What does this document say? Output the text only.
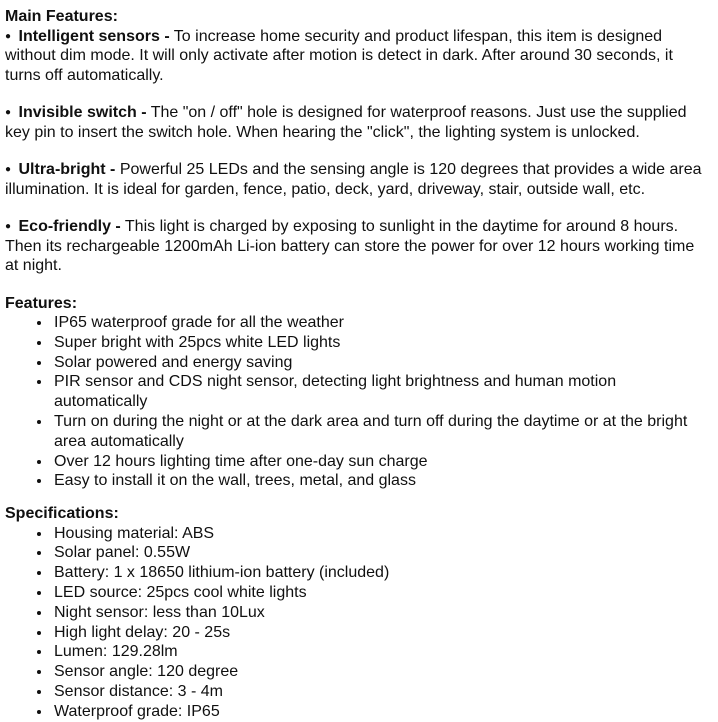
Main Features:

● Intelligent sensors - To increase home security and product lifespan, this item is designed without dim mode. It will only activate after motion is detect in dark. After around 30 seconds, it turns off automatically.

● Invisible switch - The "on / off" hole is designed for waterproof reasons. Just use the supplied key pin to insert the switch hole. When hearing the "click", the lighting system is unlocked.

● Ultra-bright - Powerful 25 LEDs and the sensing angle is 120 degrees that provides a wide area illumination. It is ideal for garden, fence, patio, deck, yard, driveway, stair, outside wall, etc.

● Eco-friendly - This light is charged by exposing to sunlight in the daytime for around 8 hours. Then its rechargeable 1200mAh Li-ion battery can store the power for over 12 hours working time at night.

Features:

• IP65 waterproof grade for all the weather
• Super bright with 25pcs white LED lights
• Solar powered and energy saving
• PIR sensor and CDS night sensor, detecting light brightness and human motion automatically
• Turn on during the night or at the dark area and turn off during the daytime or at the bright area automatically
• Over 12 hours lighting time after one-day sun charge
• Easy to install it on the wall, trees, metal, and glass

Specifications:

• Housing material: ABS
• Solar panel: 0.55W
• Battery: 1 x 18650 lithium-ion battery (included)
• LED source: 25pcs cool white lights
• Night sensor: less than 10Lux
• High light delay: 20 - 25s
• Lumen: 129.28lm
• Sensor angle: 120 degree
• Sensor distance: 3 - 4m
• Waterproof grade: IP65
